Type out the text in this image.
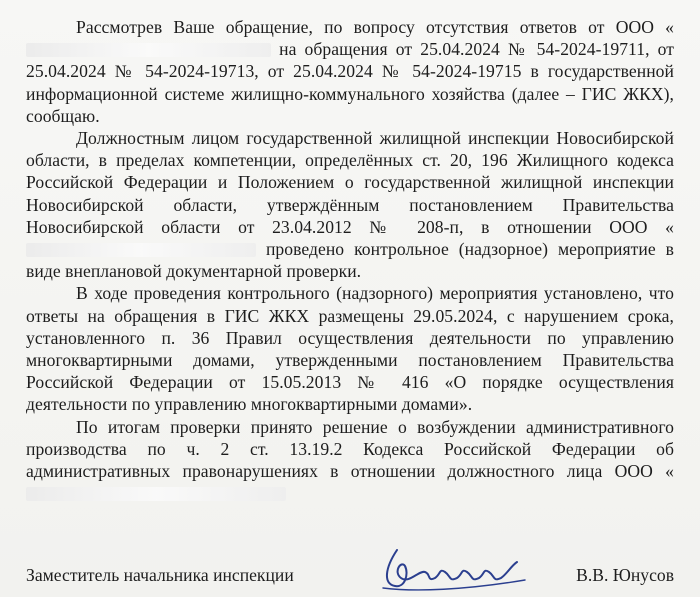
Рассмотрев Ваше обращение, по вопросу отсутствия ответов от ООО « на обращения от 25.04.2024 № 54-2024-19711, от 25.04.2024 № 54-2024-19713, от 25.04.2024 № 54-2024-19715 в государственной информационной системе жилищно-коммунального хозяйства (далее – ГИС ЖКХ), сообщаю.

Должностным лицом государственной жилищной инспекции Новосибирской области, в пределах компетенции, определённых ст. 20, 196 Жилищного кодекса Российской Федерации и Положением о государственной жилищной инспекции Новосибирской области, утверждённым постановлением Правительства Новосибирской области от 23.04.2012 № 208-п, в отношении ООО « проведено контрольное (надзорное) мероприятие в виде внеплановой документарной проверки.

В ходе проведения контрольного (надзорного) мероприятия установлено, что ответы на обращения в ГИС ЖКХ размещены 29.05.2024, с нарушением срока, установленного п. 36 Правил осуществления деятельности по управлению многоквартирными домами, утвержденными постановлением Правительства Российской Федерации от 15.05.2013 № 416 «О порядке осуществления деятельности по управлению многоквартирными домами».

По итогам проверки принято решение о возбуждении административного производства по ч. 2 ст. 13.19.2 Кодекса Российской Федерации об административных правонарушениях в отношении должностного лица ООО «

Заместитель начальника инспекции	В.В. Юнусов
